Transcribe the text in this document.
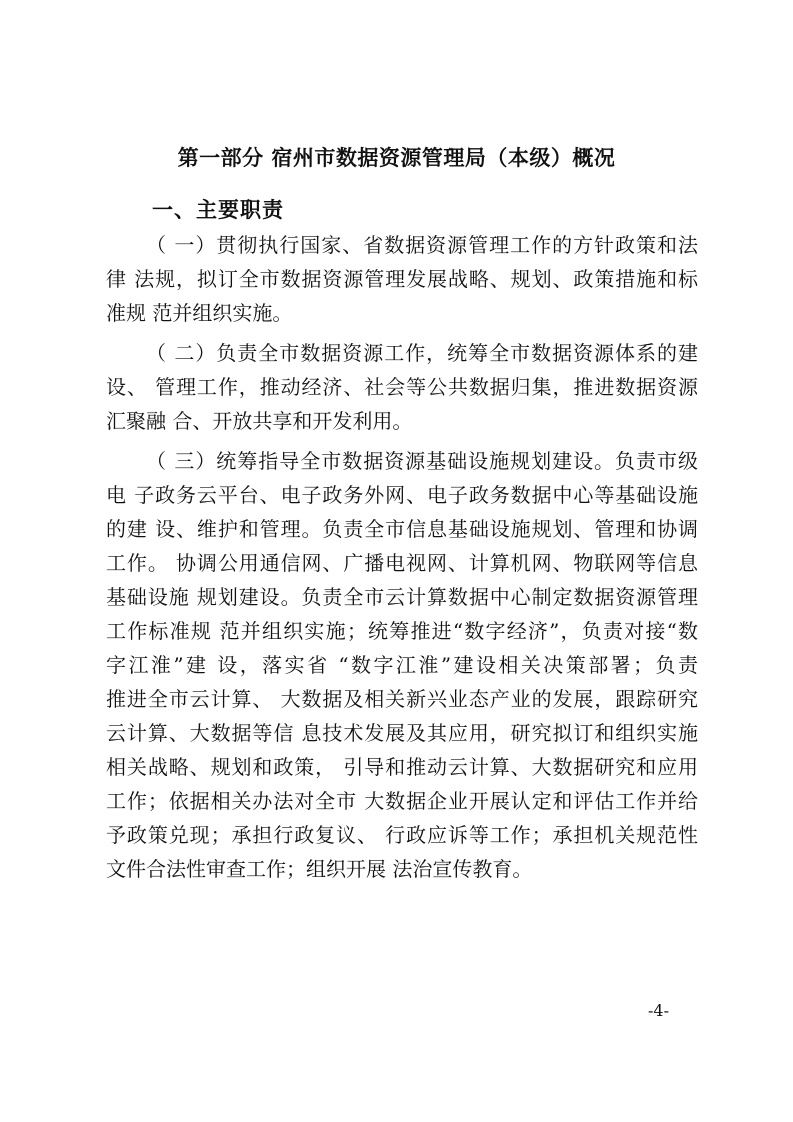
第一部分 宿州市数据资源管理局（本级）概况
一、主要职责
（ 一）贯彻执行国家、省数据资源管理工作的方针政策和法
律 法规，拟订全市数据资源管理发展战略、规划、政策措施和标
准规 范并组织实施。
（ 二）负责全市数据资源工作，统筹全市数据资源体系的建
设、 管理工作，推动经济、社会等公共数据归集，推进数据资源
汇聚融 合、开放共享和开发利用。
（ 三）统筹指导全市数据资源基础设施规划建设。负责市级
电 子政务云平台、电子政务外网、电子政务数据中心等基础设施
的建 设、维护和管理。负责全市信息基础设施规划、管理和协调
工作。 协调公用通信网、广播电视网、计算机网、物联网等信息
基础设施 规划建设。负责全市云计算数据中心制定数据资源管理
工作标准规 范并组织实施；统筹推进“数字经济”，负责对接“数
字江淮”建 设，落实省 “数字江淮”建设相关决策部署；负责
推进全市云计算、 大数据及相关新兴业态产业的发展，跟踪研究
云计算、大数据等信 息技术发展及其应用，研究拟订和组织实施
相关战略、规划和政策， 引导和推动云计算、大数据研究和应用
工作；依据相关办法对全市 大数据企业开展认定和评估工作并给
予政策兑现；承担行政复议、 行政应诉等工作；承担机关规范性
文件合法性审查工作；组织开展 法治宣传教育。
-4-
